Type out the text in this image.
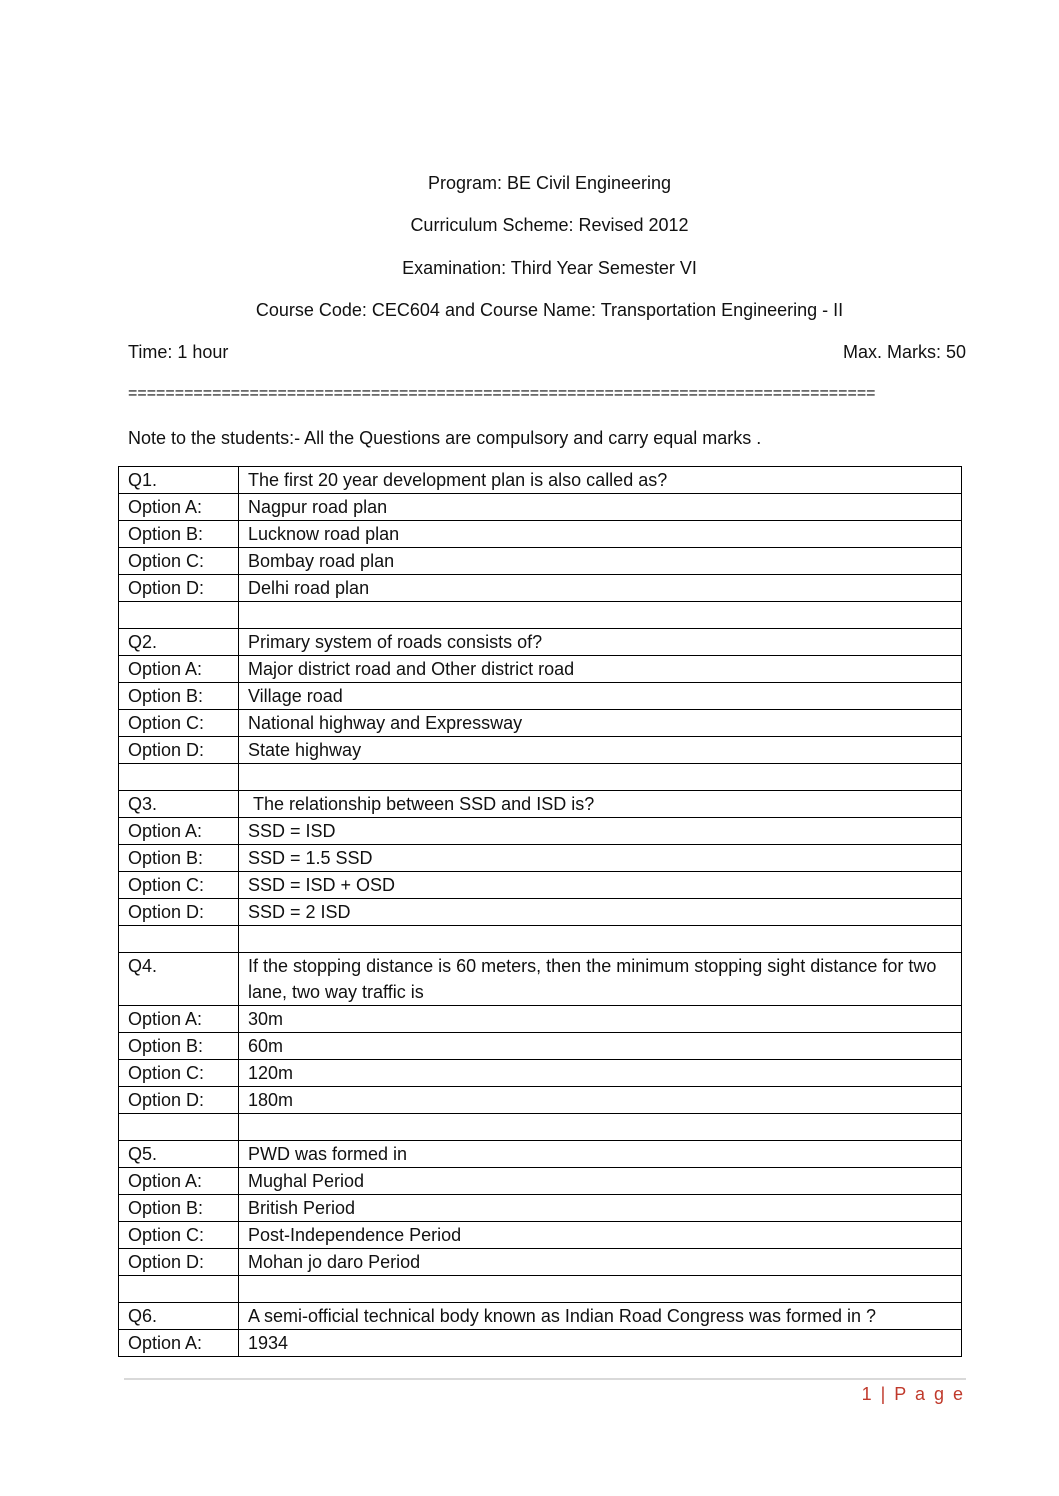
Program: BE Civil Engineering
Curriculum Scheme: Revised 2012
Examination: Third Year Semester VI
Course Code: CEC604 and Course Name: Transportation Engineering - II
Time: 1 hour	Max. Marks: 50
================================================================================
Note to the students:- All the Questions are compulsory and carry equal marks .
Q1.	The first 20 year development plan is also called as?
Option A:	Nagpur road plan
Option B:	Lucknow road plan
Option C:	Bombay road plan
Option D:	Delhi road plan

Q2.	Primary system of roads consists of?
Option A:	Major district road and Other district road
Option B:	Village road
Option C:	National highway and Expressway
Option D:	State highway

Q3.	The relationship between SSD and ISD is?
Option A:	SSD = ISD
Option B:	SSD = 1.5 SSD
Option C:	SSD = ISD + OSD
Option D:	SSD = 2 ISD

Q4.	If the stopping distance is 60 meters, then the minimum stopping sight distance for two lane, two way traffic is
Option A:	30m
Option B:	60m
Option C:	120m
Option D:	180m

Q5.	PWD was formed in
Option A:	Mughal Period
Option B:	British Period
Option C:	Post-Independence Period
Option D:	Mohan jo daro Period

Q6.	A semi-official technical body known as Indian Road Congress was formed in ?
Option A:	1934
1 | P a g e
